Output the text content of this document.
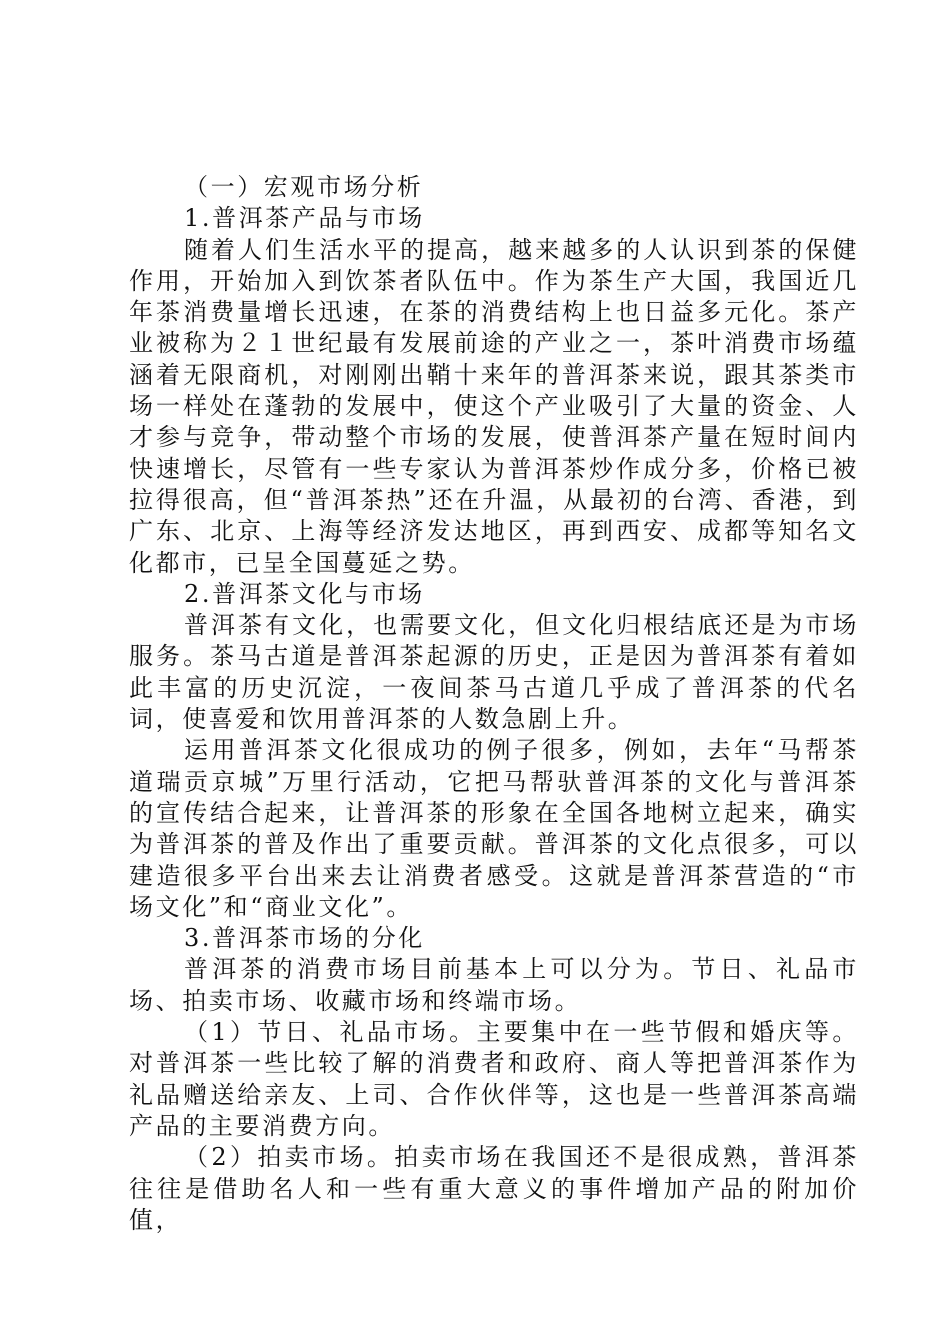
（一）宏观市场分析

1.普洱茶产品与市场

随着人们生活水平的提高，越来越多的人认识到茶的保健作用，开始加入到饮茶者队伍中。作为茶生产大国，我国近几年茶消费量增长迅速，在茶的消费结构上也日益多元化。茶产业被称为２１世纪最有发展前途的产业之一，茶叶消费市场蕴涵着无限商机，对刚刚出鞘十来年的普洱茶来说，跟其茶类市场一样处在蓬勃的发展中，使这个产业吸引了大量的资金、人才参与竞争，带动整个市场的发展，使普洱茶产量在短时间内快速增长，尽管有一些专家认为普洱茶炒作成分多，价格已被拉得很高，但“普洱茶热”还在升温，从最初的台湾、香港，到广东、北京、上海等经济发达地区，再到西安、成都等知名文化都市，已呈全国蔓延之势。

2.普洱茶文化与市场

普洱茶有文化，也需要文化，但文化归根结底还是为市场服务。茶马古道是普洱茶起源的历史，正是因为普洱茶有着如此丰富的历史沉淀，一夜间茶马古道几乎成了普洱茶的代名词，使喜爱和饮用普洱茶的人数急剧上升。

运用普洱茶文化很成功的例子很多，例如，去年“马帮茶道瑞贡京城”万里行活动，它把马帮驮普洱茶的文化与普洱茶的宣传结合起来，让普洱茶的形象在全国各地树立起来，确实为普洱茶的普及作出了重要贡献。普洱茶的文化点很多，可以建造很多平台出来去让消费者感受。这就是普洱茶营造的“市场文化”和“商业文化”。

3.普洱茶市场的分化

普洱茶的消费市场目前基本上可以分为。节日、礼品市场、拍卖市场、收藏市场和终端市场。

（1）节日、礼品市场。主要集中在一些节假和婚庆等。对普洱茶一些比较了解的消费者和政府、商人等把普洱茶作为礼品赠送给亲友、上司、合作伙伴等，这也是一些普洱茶高端产品的主要消费方向。

（2）拍卖市场。拍卖市场在我国还不是很成熟，普洱茶往往是借助名人和一些有重大意义的事件增加产品的附加价值，
